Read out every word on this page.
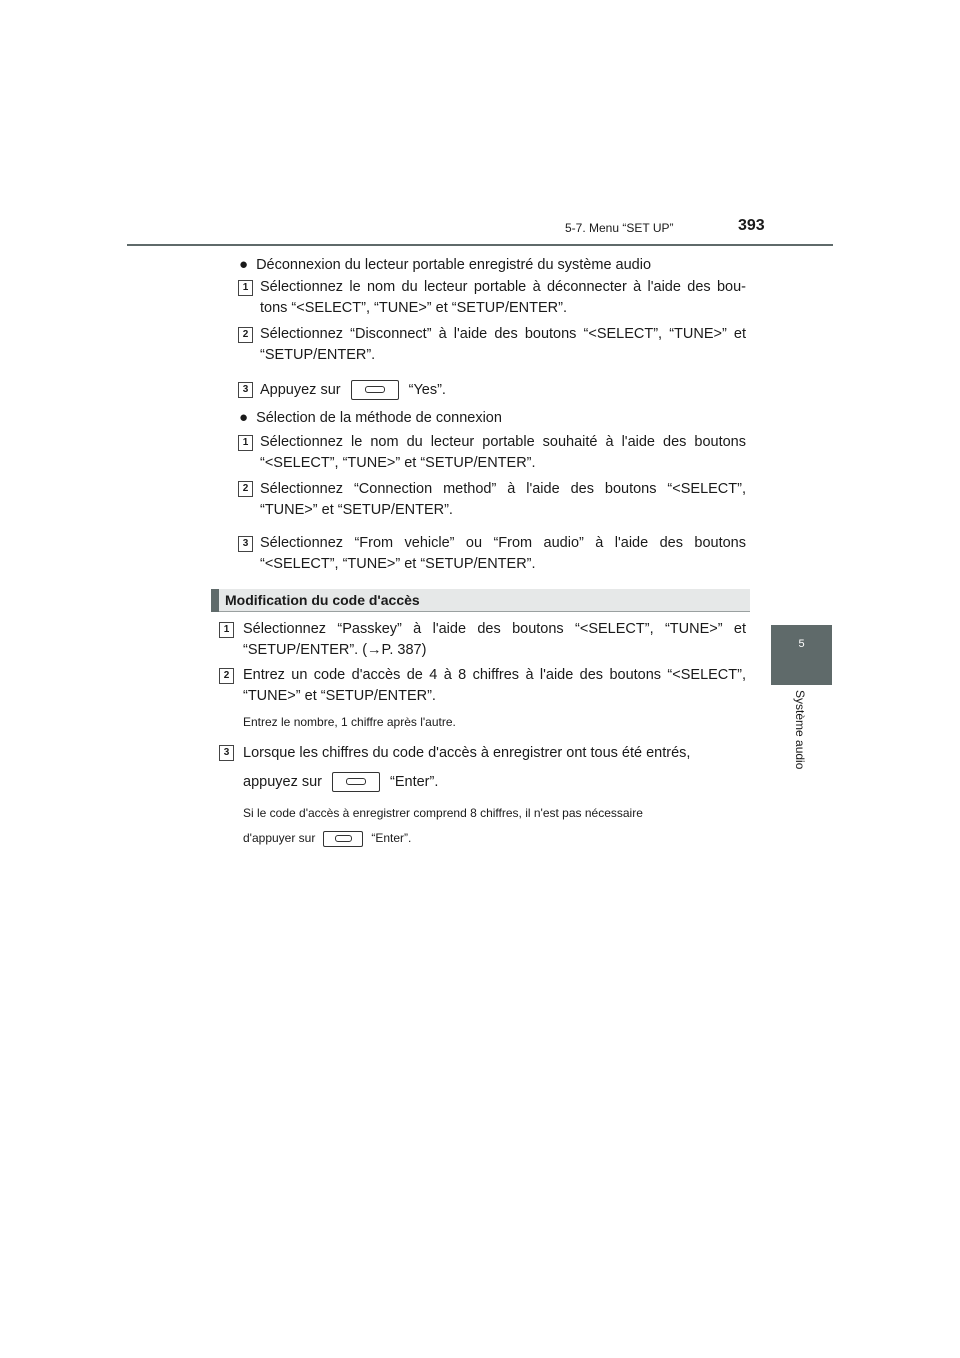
5-7. Menu “SET UP”	393
5
Système audio
● Déconnexion du lecteur portable enregistré du système audio
1 Sélectionnez le nom du lecteur portable à déconnecter à l'aide des bou-tons “<SELECT”, “TUNE>” et “SETUP/ENTER”.
2 Sélectionnez “Disconnect” à l'aide des boutons “<SELECT”, “TUNE>” et “SETUP/ENTER”.
3 Appuyez sur	“Yes”.
● Sélection de la méthode de connexion
1 Sélectionnez le nom du lecteur portable souhaité à l'aide des boutons “<SELECT”, “TUNE>” et “SETUP/ENTER”.
2 Sélectionnez “Connection method” à l'aide des boutons “<SELECT”, “TUNE>” et “SETUP/ENTER”.
3 Sélectionnez “From vehicle” ou “From audio” à l'aide des boutons “<SELECT”, “TUNE>” et “SETUP/ENTER”.
Modification du code d'accès
1 Sélectionnez “Passkey” à l'aide des boutons “<SELECT”, “TUNE>” et “SETUP/ENTER”. (→P. 387)
2 Entrez un code d'accès de 4 à 8 chiffres à l'aide des boutons “<SELECT”, “TUNE>” et “SETUP/ENTER”.
Entrez le nombre, 1 chiffre après l'autre.
3 Lorsque les chiffres du code d'accès à enregistrer ont tous été entrés,
appuyez sur	“Enter”.
Si le code d'accès à enregistrer comprend 8 chiffres, il n'est pas nécessaire
d'appuyer sur	“Enter”.
